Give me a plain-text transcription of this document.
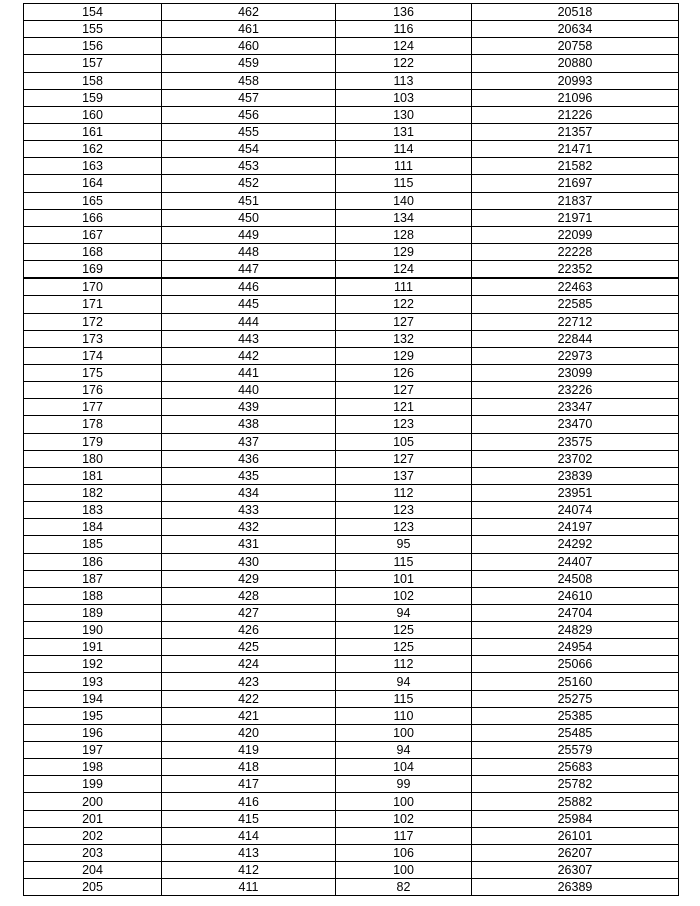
154	462	136	20518
155	461	116	20634
156	460	124	20758
157	459	122	20880
158	458	113	20993
159	457	103	21096
160	456	130	21226
161	455	131	21357
162	454	114	21471
163	453	111	21582
164	452	115	21697
165	451	140	21837
166	450	134	21971
167	449	128	22099
168	448	129	22228
169	447	124	22352
170	446	111	22463
171	445	122	22585
172	444	127	22712
173	443	132	22844
174	442	129	22973
175	441	126	23099
176	440	127	23226
177	439	121	23347
178	438	123	23470
179	437	105	23575
180	436	127	23702
181	435	137	23839
182	434	112	23951
183	433	123	24074
184	432	123	24197
185	431	95	24292
186	430	115	24407
187	429	101	24508
188	428	102	24610
189	427	94	24704
190	426	125	24829
191	425	125	24954
192	424	112	25066
193	423	94	25160
194	422	115	25275
195	421	110	25385
196	420	100	25485
197	419	94	25579
198	418	104	25683
199	417	99	25782
200	416	100	25882
201	415	102	25984
202	414	117	26101
203	413	106	26207
204	412	100	26307
205	411	82	26389
